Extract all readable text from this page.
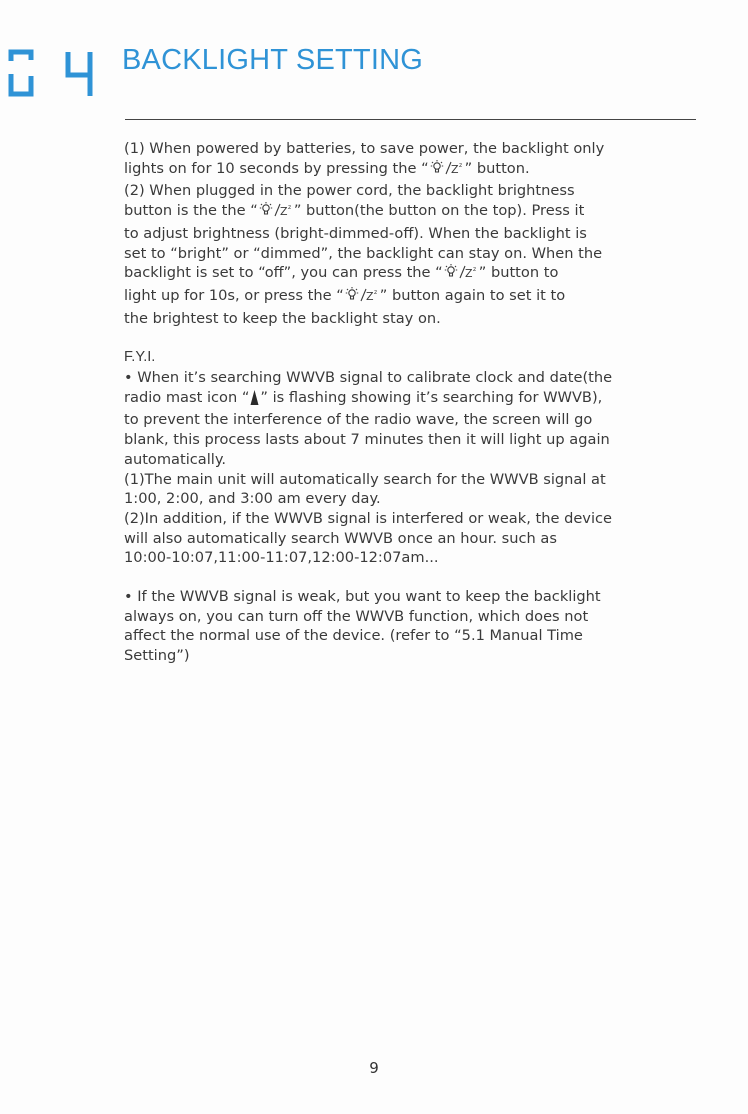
BACKLIGHT SETTING

(1) When powered by batteries, to save power, the backlight only

lights on for 10 seconds by pressing the “ Z z ” button.

(2) When plugged in the power cord, the backlight brightness

button is the the “ Z z ” button(the button on the top). Press it

to adjust brightness (bright-dimmed-off). When the backlight is

set to “bright” or “dimmed”, the backlight can stay on. When the

backlight is set to “off”, you can press the “ Z z ” button to

light up for 10s, or press the “ Z z ” button again to set it to

the brightest to keep the backlight stay on.

F.Y.I.

• When it’s searching WWVB signal to calibrate clock and date(the

radio mast icon “ ” is flashing showing it’s searching for WWVB),

to prevent the interference of the radio wave, the screen will go

blank, this process lasts about 7 minutes then it will light up again

automatically.

(1)The main unit will automatically search for the WWVB signal at

1:00, 2:00, and 3:00 am every day.

(2)In addition, if the WWVB signal is interfered or weak, the device

will also automatically search WWVB once an hour. such as

10:00-10:07,11:00-11:07,12:00-12:07am...

• If the WWVB signal is weak, but you want to keep the backlight

always on, you can turn off the WWVB function, which does not

affect the normal use of the device. (refer to “5.1 Manual Time

Setting”)

9
